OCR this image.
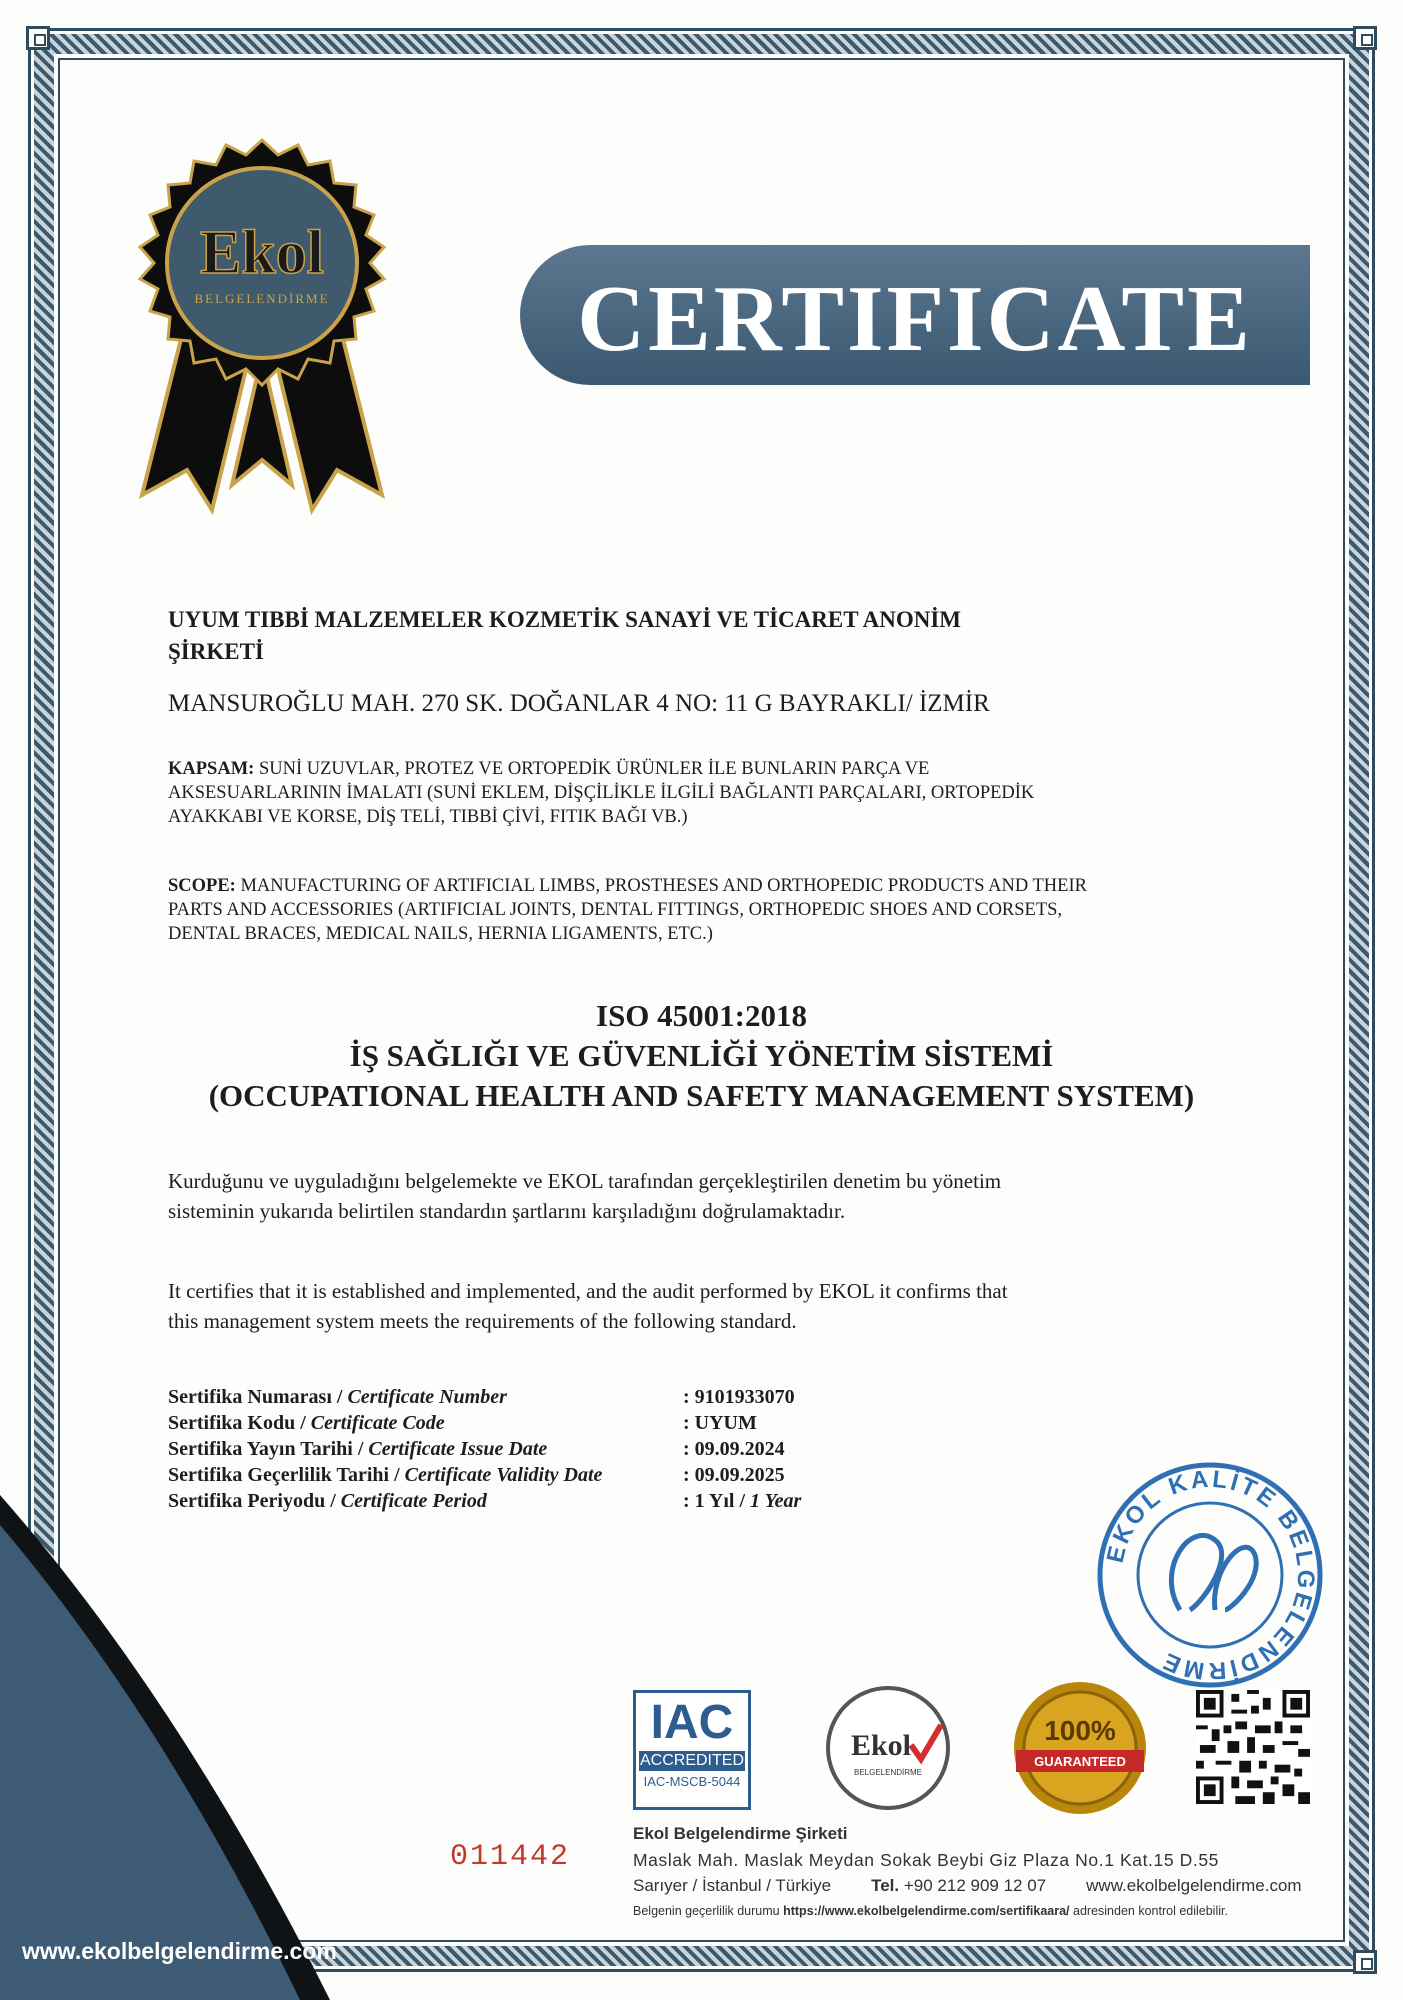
www.ekolbelgelendirme.com
Ekol
BELGELENDİRME	CERTIFICATE
UYUM TIBBİ MALZEMELER KOZMETİK SANAYİ VE TİCARET ANONİM
ŞİRKETİ
MANSUROĞLU MAH. 270 SK. DOĞANLAR 4 NO: 11 G BAYRAKLI/ İZMİR
KAPSAM: SUNİ UZUVLAR, PROTEZ VE ORTOPEDİK ÜRÜNLER İLE BUNLARIN PARÇA VE
AKSESUARLARININ İMALATI (SUNİ EKLEM, DİŞÇİLİKLE İLGİLİ BAĞLANTI PARÇALARI, ORTOPEDİK
AYAKKABI VE KORSE, DİŞ TELİ, TIBBİ ÇİVİ, FITIK BAĞI VB.)
SCOPE: MANUFACTURING OF ARTIFICIAL LIMBS, PROSTHESES AND ORTHOPEDIC PRODUCTS AND THEIR
PARTS AND ACCESSORIES (ARTIFICIAL JOINTS, DENTAL FITTINGS, ORTHOPEDIC SHOES AND CORSETS,
DENTAL BRACES, MEDICAL NAILS, HERNIA LIGAMENTS, ETC.)
ISO 45001:2018
İŞ SAĞLIĞI VE GÜVENLİĞİ YÖNETİM SİSTEMİ
(OCCUPATIONAL HEALTH AND SAFETY MANAGEMENT SYSTEM)
Kurduğunu ve uyguladığını belgelemekte ve EKOL tarafından gerçekleştirilen denetim bu yönetim
sisteminin yukarıda belirtilen standardın şartlarını karşıladığını doğrulamaktadır.
It certifies that it is established and implemented, and the audit performed by EKOL it confirms that
this management system meets the requirements of the following standard.
Sertifika Numarası / Certificate Number	: 9101933070
Sertifika Kodu / Certificate Code	: UYUM
Sertifika Yayın Tarihi / Certificate Issue Date	: 09.09.2024
Sertifika Geçerlilik Tarihi / Certificate Validity Date	: 09.09.2025
Sertifika Periyodu / Certificate Period	: 1 Yıl / 1 Year
EKOL KALİTE BELGELENDİRME
IAC
ACCREDITED
IAC-MSCB-5044
Ekol
BELGELENDİRME
100%
GUARANTEED
011442
Ekol Belgelendirme Şirketi
Maslak Mah. Maslak Meydan Sokak Beybi Giz Plaza No.1 Kat.15 D.55
Sarıyer / İstanbul / Türkiye Tel. +90 212 909 12 07 www.ekolbelgelendirme.com
Belgenin geçerlilik durumu https://www.ekolbelgelendirme.com/sertifikaara/ adresinden kontrol edilebilir.
